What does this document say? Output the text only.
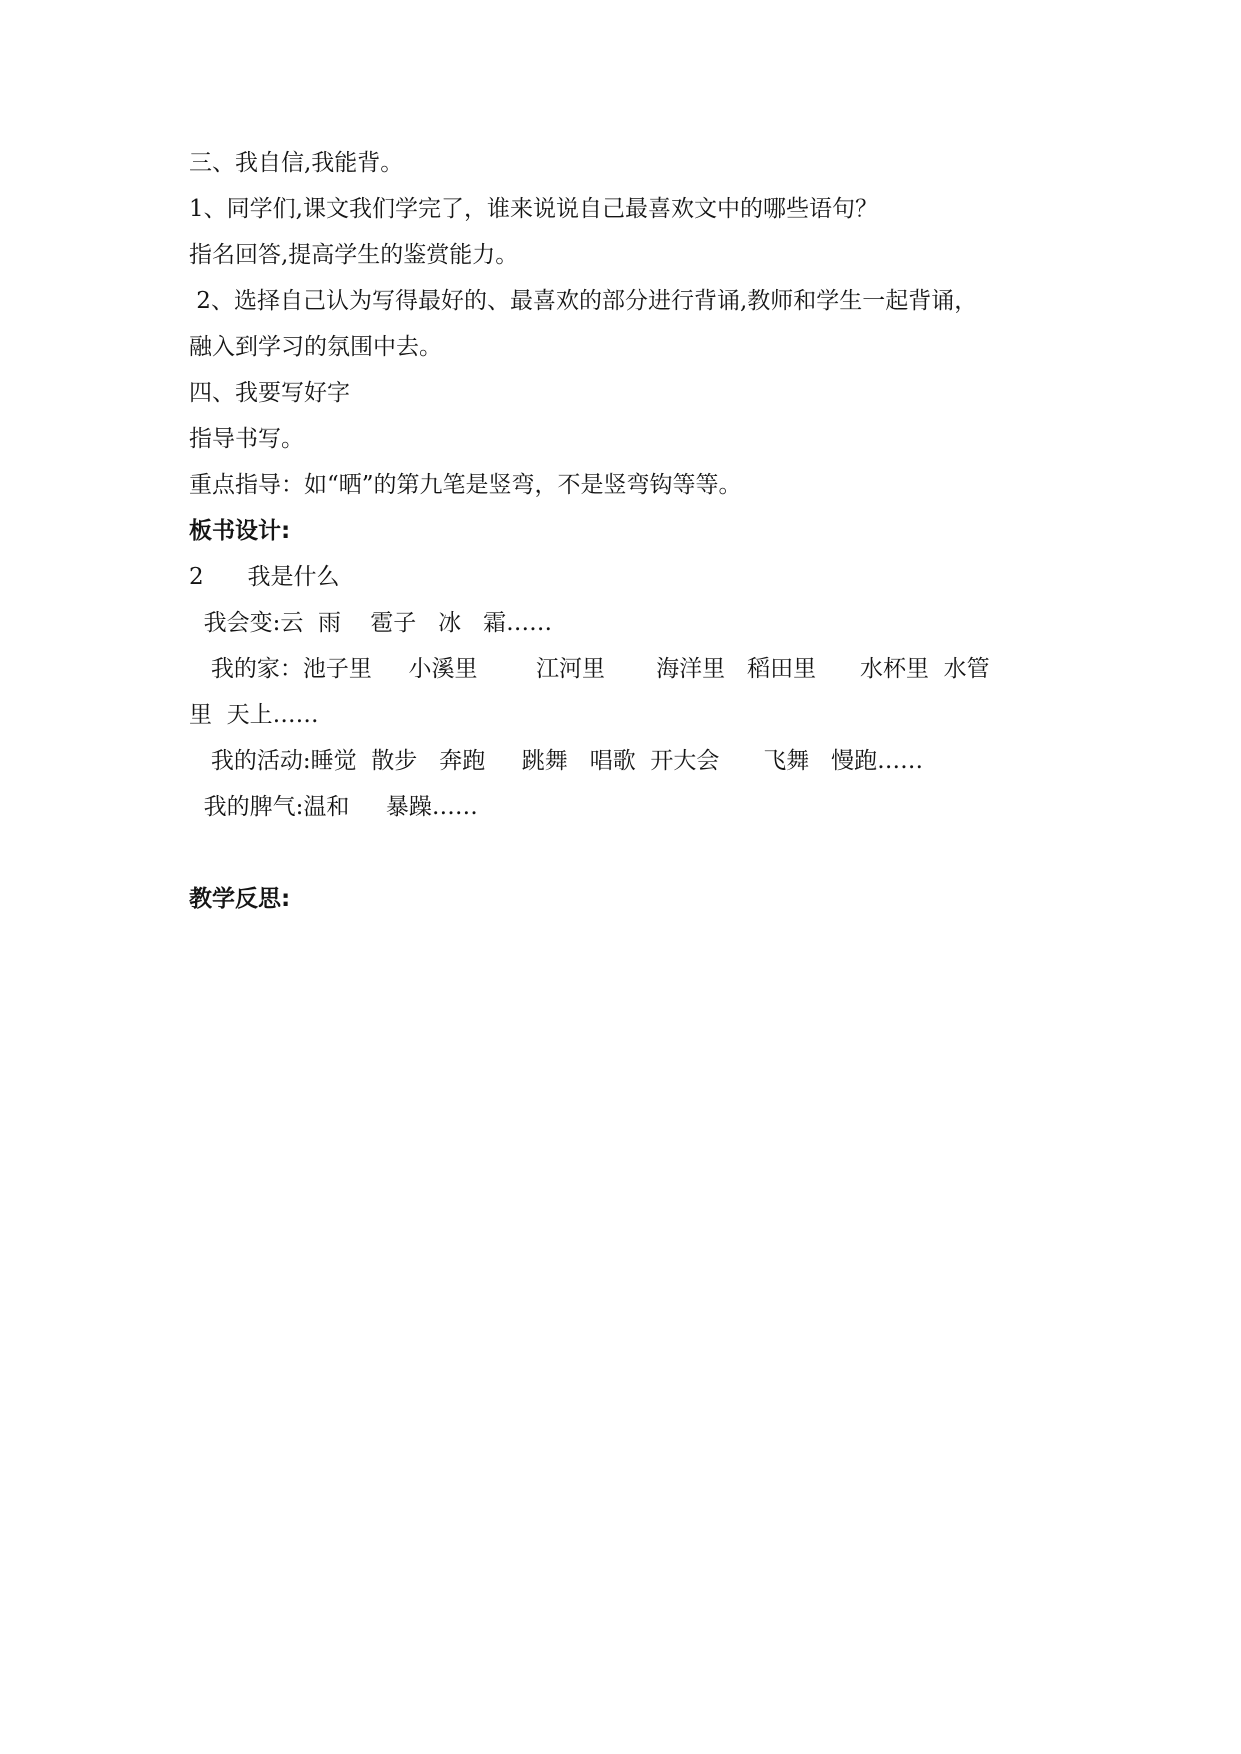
三、我自信,我能背。

1、同学们,课文我们学完了，谁来说说自己最喜欢文中的哪些语句？

指名回答,提高学生的鉴赏能力。

2、选择自己认为写得最好的、最喜欢的部分进行背诵,教师和学生一起背诵，

融入到学习的氛围中去。

四、我要写好字

指导书写。

重点指导：如“晒”的第九笔是竖弯，不是竖弯钩等等。

板书设计:

2      我是什么

我会变:云  雨    雹子   冰   霜……

我的家：池子里     小溪里        江河里       海洋里   稻田里      水杯里  水管

里  天上……

我的活动:睡觉  散步   奔跑     跳舞   唱歌  开大会      飞舞   慢跑……

我的脾气:温和     暴躁……

教学反思:
